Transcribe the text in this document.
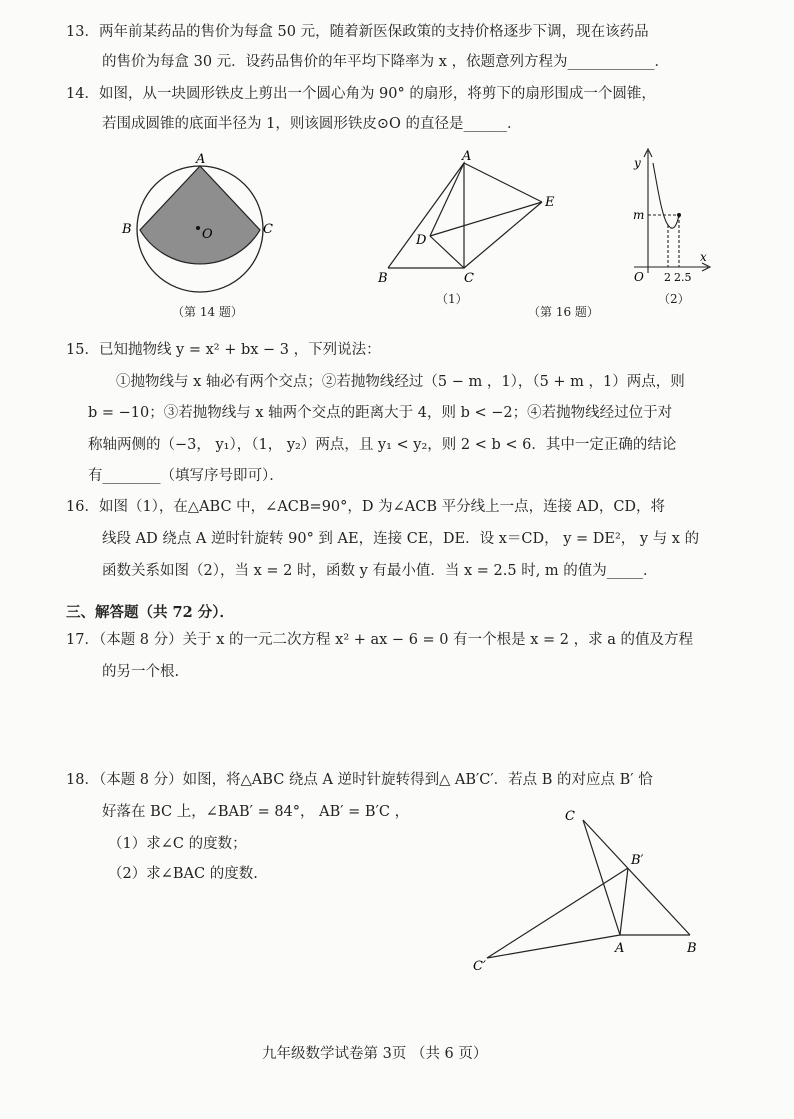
13．两年前某药品的售价为每盒 50 元，随着新医保政策的支持价格逐步下调，现在该药品
的售价为每盒 30 元．设药品售价的年平均下降率为 x ，依题意列方程为____________．
14．如图，从一块圆形铁皮上剪出一个圆心角为 90° 的扇形，将剪下的扇形围成一个圆锥，
若围成圆锥的底面半径为 1，则该圆形铁皮⊙O 的直径是______．
A
B	C
O
（第 14 题）
A
B	C
D
E
（1）
y
x
m
O 2 2.5
（2）
（第 16 题）
15．已知抛物线 y = x² + bx − 3 ，下列说法：
①抛物线与 x 轴必有两个交点；②若抛物线经过（5 − m ，1），（5 + m ，1）两点，则
b = −10；③若抛物线与 x 轴两个交点的距离大于 4，则 b < −2；④若抛物线经过位于对
称轴两侧的（−3， y₁），（1， y₂）两点，且 y₁ < y₂，则 2 < b < 6．其中一定正确的结论
有________（填写序号即可）．
16．如图（1），在△ABC 中，∠ACB=90°，D 为∠ACB 平分线上一点，连接 AD，CD，将
线段 AD 绕点 A 逆时针旋转 90° 到 AE，连接 CE，DE．设 x＝CD， y = DE²， y 与 x 的
函数关系如图（2），当 x = 2 时，函数 y 有最小值．当 x = 2.5 时, m 的值为_____．
三、解答题（共 72 分）．
17．（本题 8 分）关于 x 的一元二次方程 x² + ax − 6 = 0 有一个根是 x = 2 ，求 a 的值及方程
的另一个根.
18．（本题 8 分）如图，将△ABC 绕点 A 逆时针旋转得到△ AB′C′．若点 B 的对应点 B′ 恰
好落在 BC 上，∠BAB′ = 84°， AB′ = B′C ，
（1）求∠C 的度数；
（2）求∠BAC 的度数.
C
B′
A	B
C′
九年级数学试卷第 3页 （共 6 页）
